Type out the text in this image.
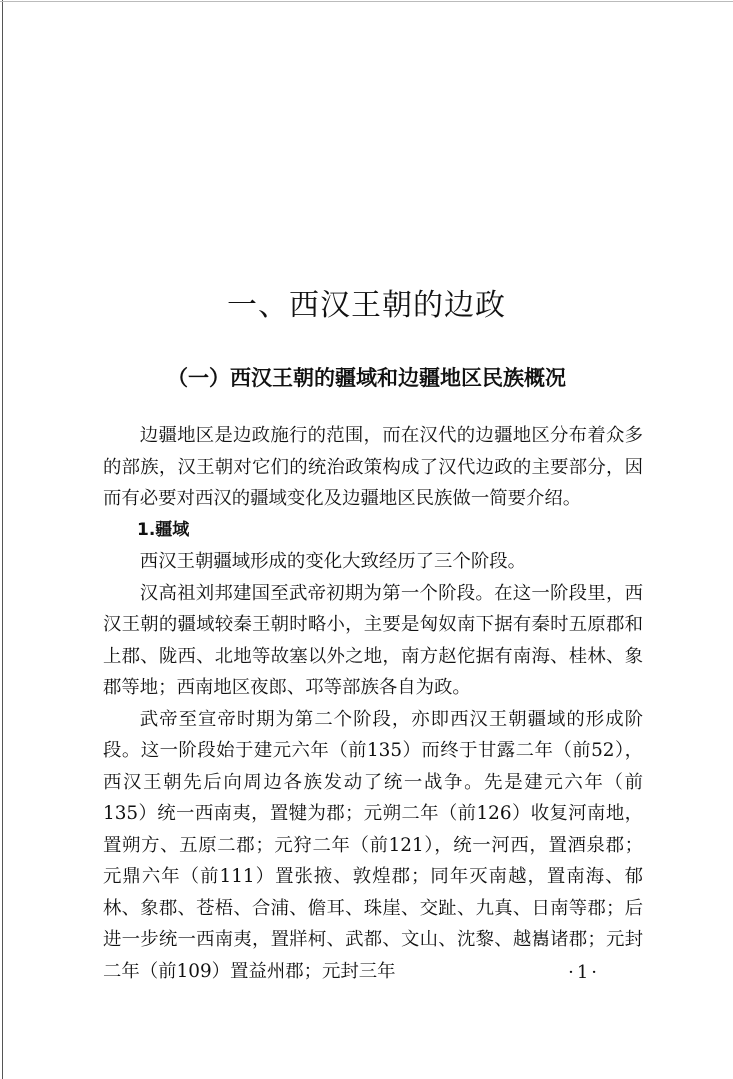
一、西汉王朝的边政
（一）西汉王朝的疆域和边疆地区民族概况

边疆地区是边政施行的范围，而在汉代的边疆地区分布着众多的部族，汉王朝对它们的统治政策构成了汉代边政的主要部分，因而有必要对西汉的疆域变化及边疆地区民族做一简要介绍。

1.疆域

西汉王朝疆域形成的变化大致经历了三个阶段。

汉高祖刘邦建国至武帝初期为第一个阶段。在这一阶段里，西汉王朝的疆域较秦王朝时略小，主要是匈奴南下据有秦时五原郡和上郡、陇西、北地等故塞以外之地，南方赵佗据有南海、桂林、象郡等地；西南地区夜郎、邛等部族各自为政。

武帝至宣帝时期为第二个阶段，亦即西汉王朝疆域的形成阶段。这一阶段始于建元六年（前135）而终于甘露二年（前52），西汉王朝先后向周边各族发动了统一战争。先是建元六年（前135）统一西南夷，置犍为郡；元朔二年（前126）收复河南地，置朔方、五原二郡；元狩二年（前121），统一河西，置酒泉郡；元鼎六年（前111）置张掖、敦煌郡；同年灭南越，置南海、郁林、象郡、苍梧、合浦、儋耳、珠崖、交趾、九真、日南等郡；后进一步统一西南夷，置牂柯、武都、文山、沈黎、越巂诸郡；元封二年（前109）置益州郡；元封三年	·1·
